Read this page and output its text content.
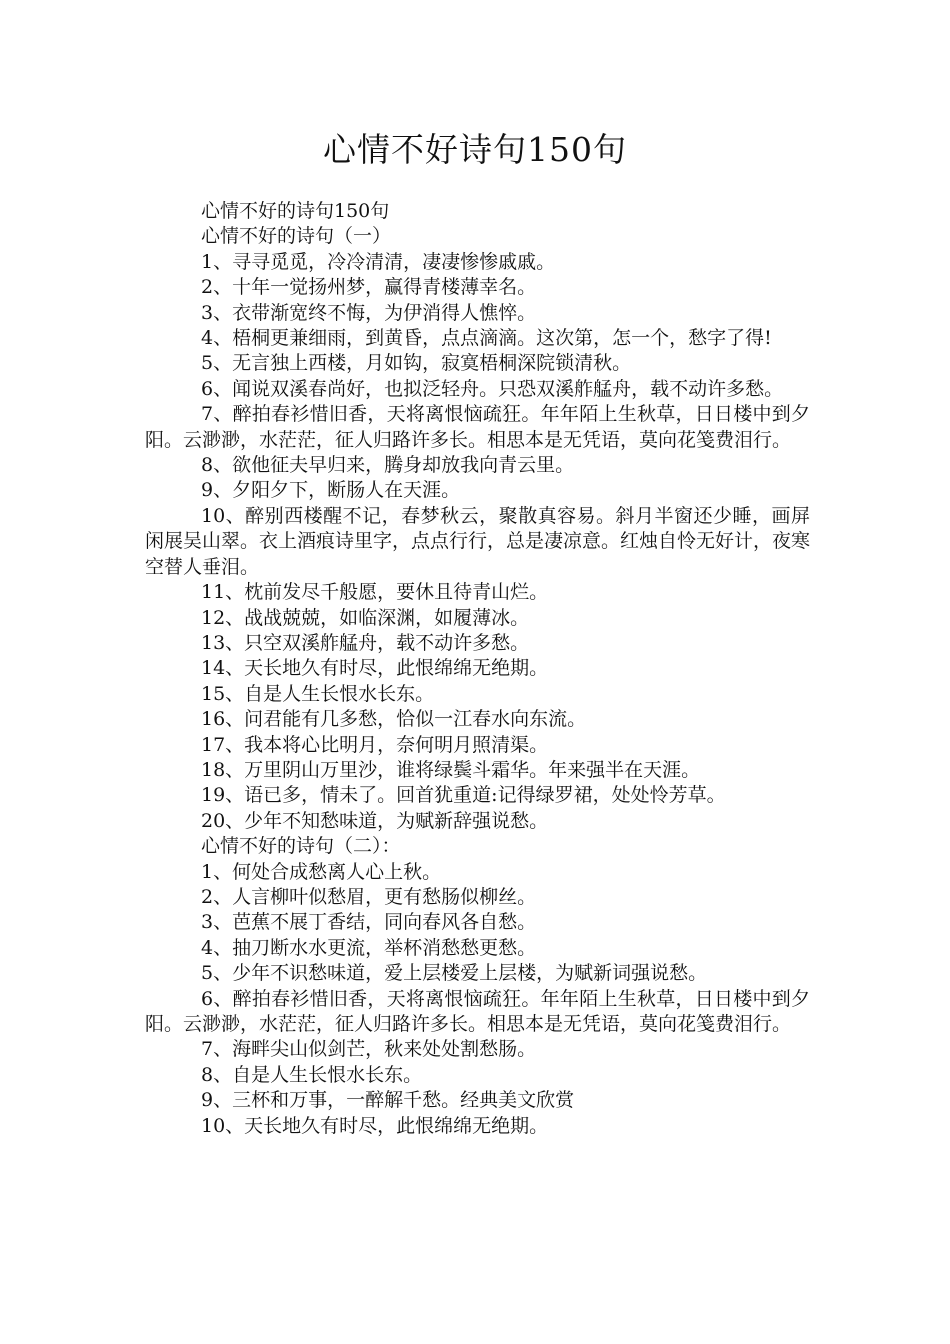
心情不好诗句150句

心情不好的诗句150句

心情不好的诗句（一）

1、寻寻觅觅，冷冷清清，凄凄惨惨戚戚。

2、十年一觉扬州梦，赢得青楼薄幸名。

3、衣带渐宽终不悔，为伊消得人憔悴。

4、梧桐更兼细雨，到黄昏，点点滴滴。这次第，怎一个，愁字了得!

5、无言独上西楼，月如钩，寂寞梧桐深院锁清秋。

6、闻说双溪春尚好，也拟泛轻舟。只恐双溪舴艋舟，载不动许多愁。

7、醉拍春衫惜旧香，天将离恨恼疏狂。年年陌上生秋草，日日楼中到夕阳。云渺渺，水茫茫，征人归路许多长。相思本是无凭语，莫向花笺费泪行。

8、欲他征夫早归来，腾身却放我向青云里。

9、夕阳夕下，断肠人在天涯。

10、醉别西楼醒不记，春梦秋云，聚散真容易。斜月半窗还少睡，画屏闲展吴山翠。衣上酒痕诗里字，点点行行，总是凄凉意。红烛自怜无好计，夜寒空替人垂泪。

11、枕前发尽千般愿，要休且待青山烂。

12、战战兢兢，如临深渊，如履薄冰。

13、只空双溪舴艋舟，载不动许多愁。

14、天长地久有时尽，此恨绵绵无绝期。

15、自是人生长恨水长东。

16、问君能有几多愁，恰似一江春水向东流。

17、我本将心比明月，奈何明月照清渠。

18、万里阴山万里沙，谁将绿鬓斗霜华。年来强半在天涯。

19、语已多，情未了。回首犹重道:记得绿罗裙，处处怜芳草。

20、少年不知愁味道，为赋新辞强说愁。

心情不好的诗句（二）：

1、何处合成愁离人心上秋。

2、人言柳叶似愁眉，更有愁肠似柳丝。

3、芭蕉不展丁香结，同向春风各自愁。

4、抽刀断水水更流，举杯消愁愁更愁。

5、少年不识愁味道，爱上层楼爱上层楼，为赋新词强说愁。

6、醉拍春衫惜旧香，天将离恨恼疏狂。年年陌上生秋草，日日楼中到夕阳。云渺渺，水茫茫，征人归路许多长。相思本是无凭语，莫向花笺费泪行。

7、海畔尖山似剑芒，秋来处处割愁肠。

8、自是人生长恨水长东。

9、三杯和万事，一醉解千愁。经典美文欣赏

10、天长地久有时尽，此恨绵绵无绝期。
